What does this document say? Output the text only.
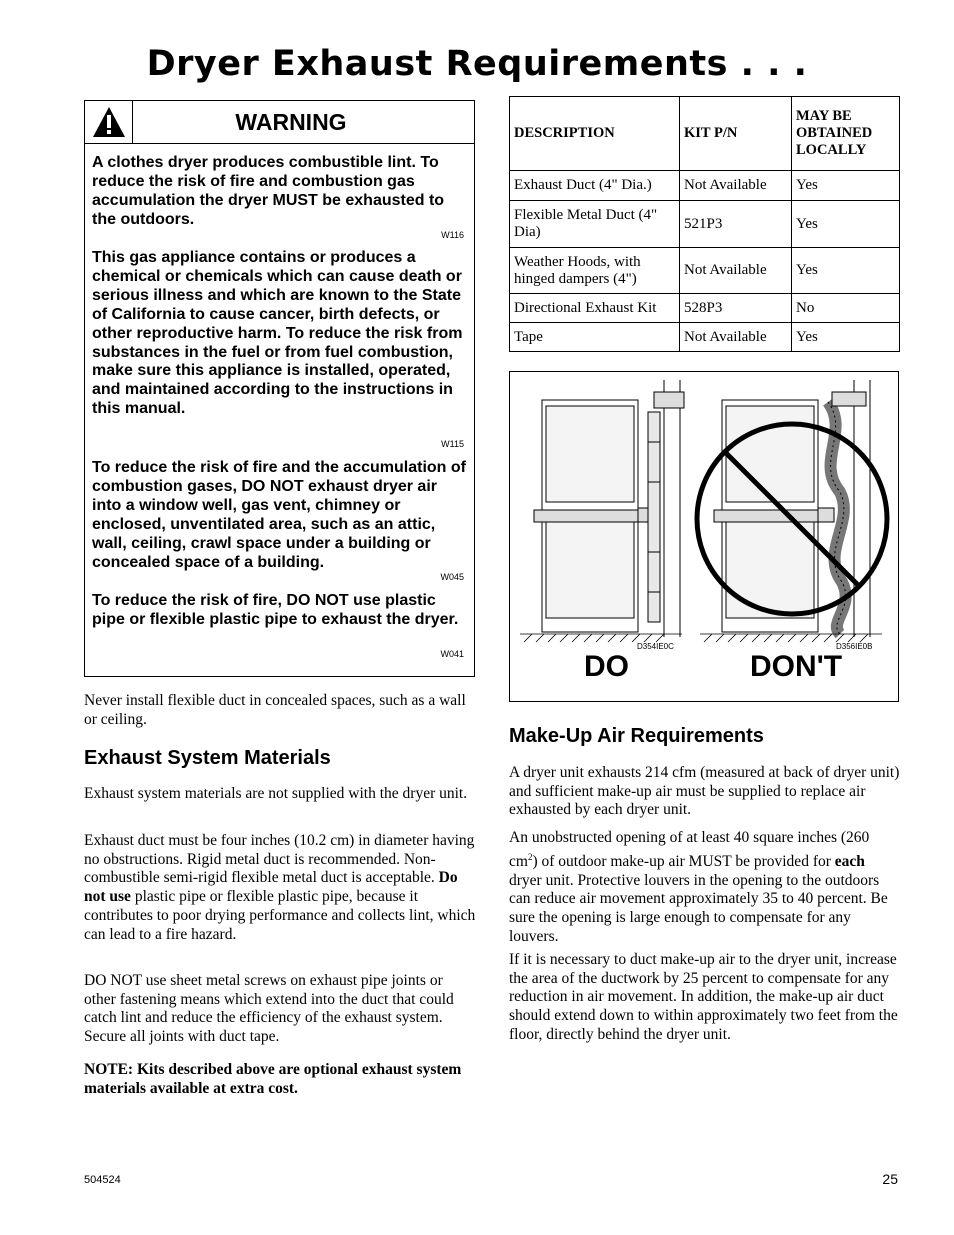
Dryer Exhaust Requirements . . .
WARNING
A clothes dryer produces combustible lint. To reduce the risk of fire and combustion gas accumulation the dryer MUST be exhausted to the outdoors.
W116
This gas appliance contains or produces a chemical or chemicals which can cause death or serious illness and which are known to the State of California to cause cancer, birth defects, or other reproductive harm. To reduce the risk from substances in the fuel or from fuel combustion, make sure this appliance is installed, operated, and maintained according to the instructions in this manual.
W115
To reduce the risk of fire and the accumulation of combustion gases, DO NOT exhaust dryer air into a window well, gas vent, chimney or enclosed, unventilated area, such as an attic, wall, ceiling, crawl space under a building or concealed space of a building.
W045
To reduce the risk of fire, DO NOT use plastic pipe or flexible plastic pipe to exhaust the dryer.
W041
Never install flexible duct in concealed spaces, such as a wall or ceiling.
Exhaust System Materials
Exhaust system materials are not supplied with the dryer unit.
Exhaust duct must be four inches (10.2 cm) in diameter having no obstructions. Rigid metal duct is recommended. Non-combustible semi-rigid flexible metal duct is acceptable. Do not use plastic pipe or flexible plastic pipe, because it contributes to poor drying performance and collects lint, which can lead to a fire hazard.
DO NOT use sheet metal screws on exhaust pipe joints or other fastening means which extend into the duct that could catch lint and reduce the efficiency of the exhaust system. Secure all joints with duct tape.
NOTE: Kits described above are optional exhaust system materials available at extra cost.
DESCRIPTION	KIT P/N	MAY BE OBTAINED LOCALLY
Exhaust Duct (4" Dia.)	Not Available	Yes
Flexible Metal Duct (4" Dia)	521P3	Yes
Weather Hoods, with hinged dampers (4")	Not Available	Yes
Directional Exhaust Kit	528P3	No
Tape	Not Available	Yes
D354IE0C	D356IE0B
DO	DON'T
Make-Up Air Requirements
A dryer unit exhausts 214 cfm (measured at back of dryer unit) and sufficient make-up air must be supplied to replace air exhausted by each dryer unit.
An unobstructed opening of at least 40 square inches (260 $cm^2$) of outdoor make-up air MUST be provided for each dryer unit. Protective louvers in the opening to the outdoors can reduce air movement approximately 35 to 40 percent. Be sure the opening is large enough to compensate for any louvers.
If it is necessary to duct make-up air to the dryer unit, increase the area of the ductwork by 25 percent to compensate for any reduction in air movement. In addition, the make-up air duct should extend down to within approximately two feet from the floor, directly behind the dryer unit.
504524	25
